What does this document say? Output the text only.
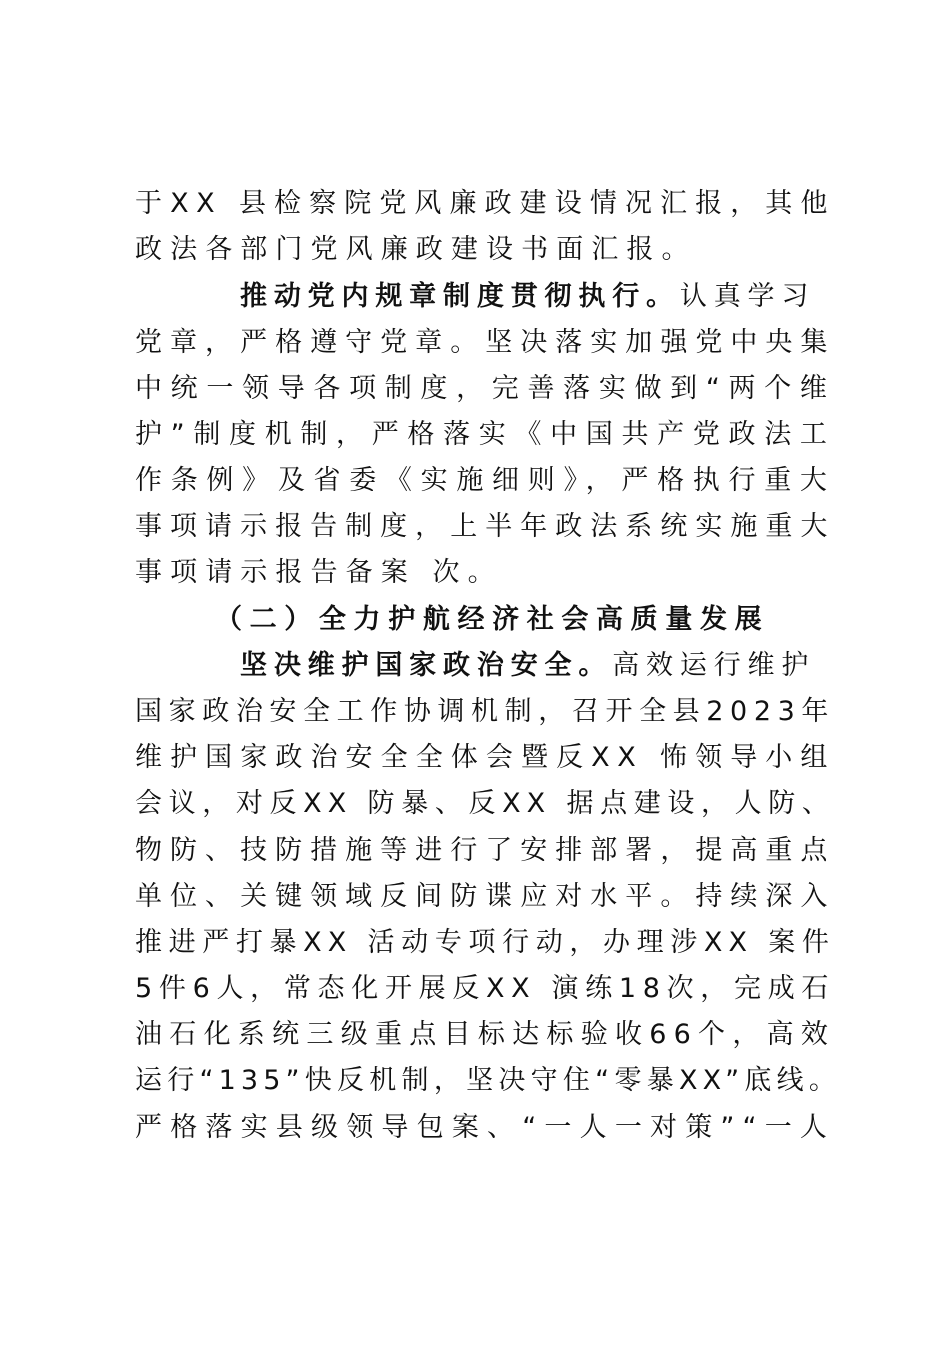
于XX 县检察院党风廉政建设情况汇报，其他
政法各部门党风廉政建设书面汇报。
推动党内规章制度贯彻执行。认真学习
党章，严格遵守党章。坚决落实加强党中央集
中统一领导各项制度，完善落实做到“两个维
护”制度机制，严格落实《中国共产党政法工
作条例》及省委《实施细则》，严格执行重大
事项请示报告制度，上半年政法系统实施重大
事项请示报告备案 次。
（二）全力护航经济社会高质量发展
坚决维护国家政治安全。高效运行维护
国家政治安全工作协调机制，召开全县2023年
维护国家政治安全全体会暨反XX 怖领导小组
会议，对反XX 防暴、反XX 据点建设，人防、
物防、技防措施等进行了安排部署，提高重点
单位、关键领域反间防谍应对水平。持续深入
推进严打暴XX 活动专项行动，办理涉XX 案件
5件6人，常态化开展反XX 演练18次，完成石
油石化系统三级重点目标达标验收66个，高效
运行“135”快反机制，坚决守住“零暴XX”底线。
严格落实县级领导包案、“一人一对策”“一人
